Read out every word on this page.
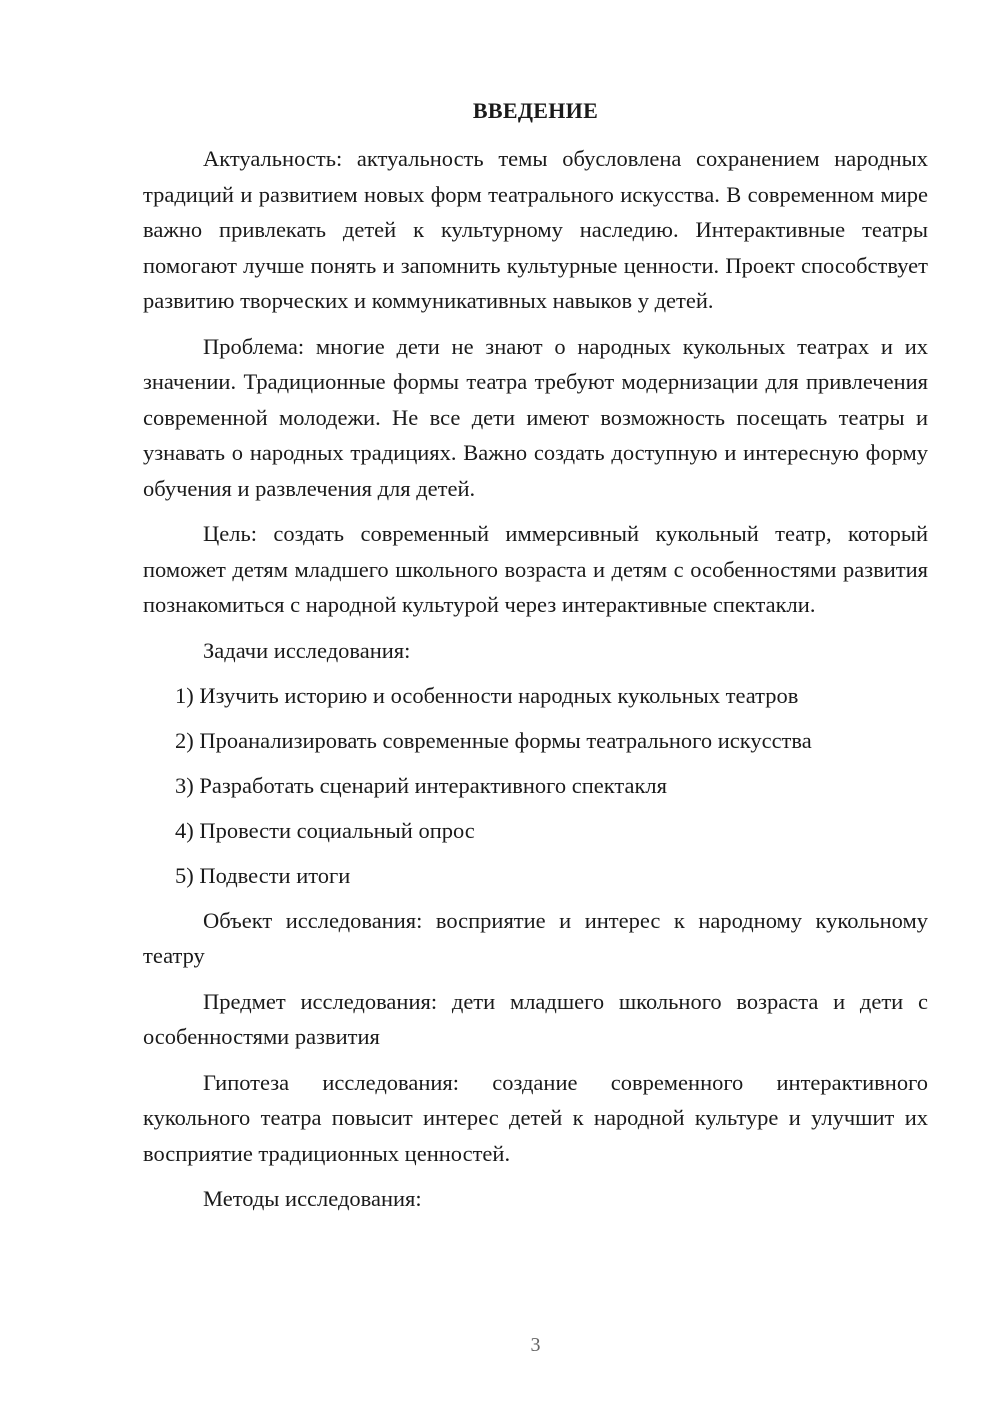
ВВЕДЕНИЕ

Актуальность: актуальность темы обусловлена сохранением народных традиций и развитием новых форм театрального искусства. В современном мире важно привлекать детей к культурному наследию. Интерактивные театры помогают лучше понять и запомнить культурные ценности. Проект способствует развитию творческих и коммуникативных навыков у детей.

Проблема: многие дети не знают о народных кукольных театрах и их значении. Традиционные формы театра требуют модернизации для привлечения современной молодежи. Не все дети имеют возможность посещать театры и узнавать о народных традициях. Важно создать доступную и интересную форму обучения и развлечения для детей.

Цель: создать современный иммерсивный кукольный театр, который поможет детям младшего школьного возраста и детям с особенностями развития познакомиться с народной культурой через интерактивные спектакли.

Задачи исследования:

1) Изучить историю и особенности народных кукольных театров

2) Проанализировать современные формы театрального искусства

3) Разработать сценарий интерактивного спектакля

4) Провести социальный опрос

5) Подвести итоги

Объект исследования: восприятие и интерес к народному кукольному театру

Предмет исследования: дети младшего школьного возраста и дети с особенностями развития

Гипотеза исследования: создание современного интерактивного кукольного театра повысит интерес детей к народной культуре и улучшит их восприятие традиционных ценностей.

Методы исследования:

3
